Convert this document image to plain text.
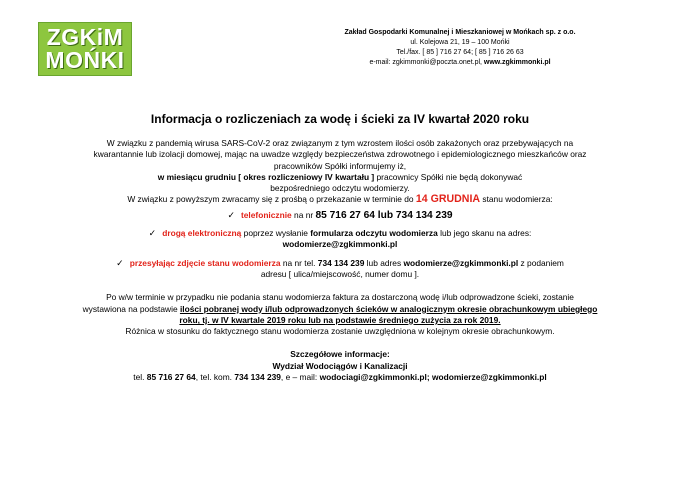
ZGKiM
MOŃKI
Zakład Gospodarki Komunalnej i Mieszkaniowej w Mońkach sp. z o.o.
ul. Kolejowa 21, 19 – 100 Mońki
Tel./fax. [ 85 ] 716 27 64; [ 85 ] 716 26 63
e-mail: zgkimmonki@poczta.onet.pl, www.zgkimmonki.pl
Informacja o rozliczeniach za wodę i ścieki za IV kwartał 2020 roku

W związku z pandemią wirusa SARS-CoV-2 oraz związanym z tym wzrostem ilości osób zakażonych oraz przebywających na

kwarantannie lub izolacji domowej, mając na uwadze względy bezpieczeństwa zdrowotnego i epidemiologicznego mieszkańców oraz

pracowników Spółki informujemy iż,

w miesiącu grudniu [ okres rozliczeniowy IV kwartału ] pracownicy Spółki nie będą dokonywać

bezpośredniego odczytu wodomierzy.

W związku z powyższym zwracamy się z prośbą o przekazanie w terminie do 14 GRUDNIA stanu wodomierza:

✓ telefonicznie na nr 85 716 27 64 lub 734 134 239

✓ drogą elektroniczną poprzez wysłanie formularza odczytu wodomierza lub jego skanu na adres:

wodomierze@zgkimmonki.pl

✓ przesyłając zdjęcie stanu wodomierza na nr tel. 734 134 239 lub adres wodomierze@zgkimmonki.pl z podaniem

adresu [ ulica/miejscowość, numer domu ].

Po w/w terminie w przypadku nie podania stanu wodomierza faktura za dostarczoną wodę i/lub odprowadzone ścieki, zostanie

wystawiona na podstawie ilości pobranej wody i/lub odprowadzonych ścieków w analogicznym okresie obrachunkowym ubiegłego

roku, tj. w IV kwartale 2019 roku lub na podstawie średniego zużycia za rok 2019.

Różnica w stosunku do faktycznego stanu wodomierza zostanie uwzględniona w kolejnym okresie obrachunkowym.

Szczegółowe informacje:

Wydział Wodociągów i Kanalizacji

tel. 85 716 27 64, tel. kom. 734 134 239, e – mail: wodociagi@zgkimmonki.pl; wodomierze@zgkimmonki.pl
